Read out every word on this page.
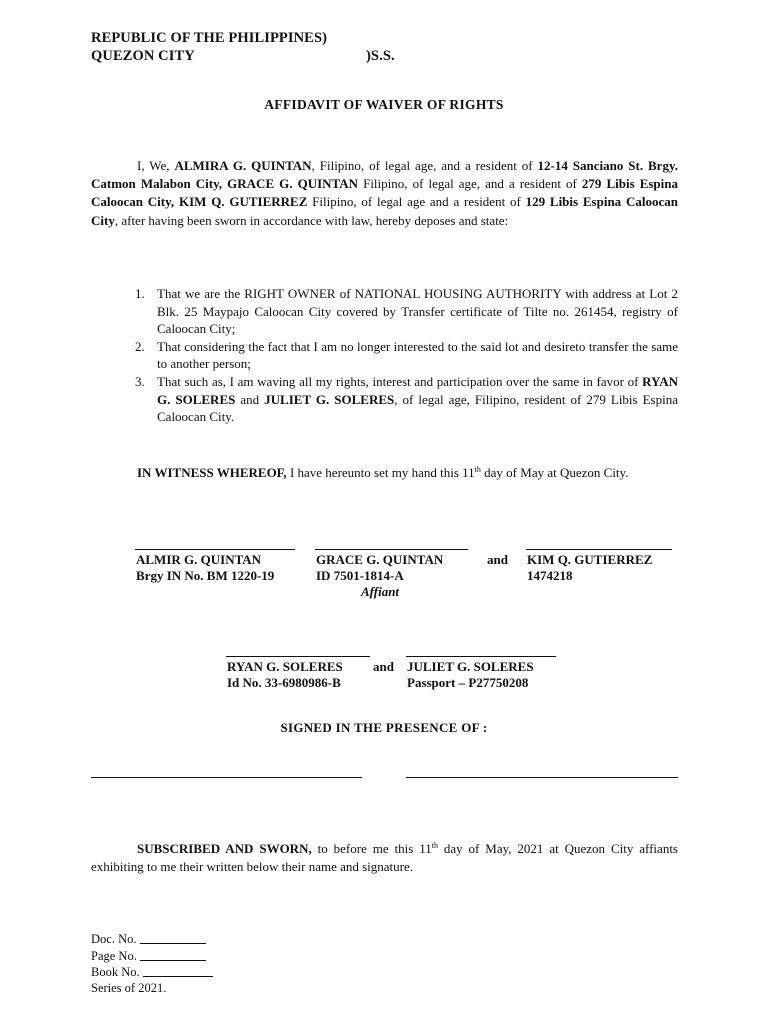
REPUBLIC OF THE PHILIPPINES)
QUEZON CITY	)S.S.
AFFIDAVIT OF WAIVER OF RIGHTS
I, We, ALMIRA G. QUINTAN, Filipino, of legal age, and a resident of 12-14 Sanciano St. Brgy. Catmon Malabon City, GRACE G. QUINTAN Filipino, of legal age, and a resident of 279 Libis Espina Caloocan City, KIM Q. GUTIERREZ Filipino, of legal age and a resident of 129 Libis Espina Caloocan City, after having been sworn in accordance with law, hereby deposes and state:
1. That we are the RIGHT OWNER of NATIONAL HOUSING AUTHORITY with address at Lot 2 Blk. 25 Maypajo Caloocan City covered by Transfer certificate of Tilte no. 261454, registry of Caloocan City;
2. That considering the fact that I am no longer interested to the said lot and desireto transfer the same to another person;
3. That such as, I am waving all my rights, interest and participation over the same in favor of RYAN G. SOLERES and JULIET G. SOLERES, of legal age, Filipino, resident of 279 Libis Espina Caloocan City.
IN WITNESS WHEREOF, I have hereunto set my hand this 11th day of May at Quezon City.
ALMIR G. QUINTAN
Brgy IN No. BM 1220-19
GRACE G. QUINTAN
ID 7501-1814-A
and KIM Q. GUTIERREZ
1474218
Affiant
RYAN G. SOLERES
Id No. 33-6980986-B
and JULIET G. SOLERES
Passport – P27750208
SIGNED IN THE PRESENCE OF :
SUBSCRIBED AND SWORN, to before me this 11th day of May, 2021 at Quezon City affiants exhibiting to me their written below their name and signature.
Doc. No.
Page No.
Book No.
Series of 2021.
